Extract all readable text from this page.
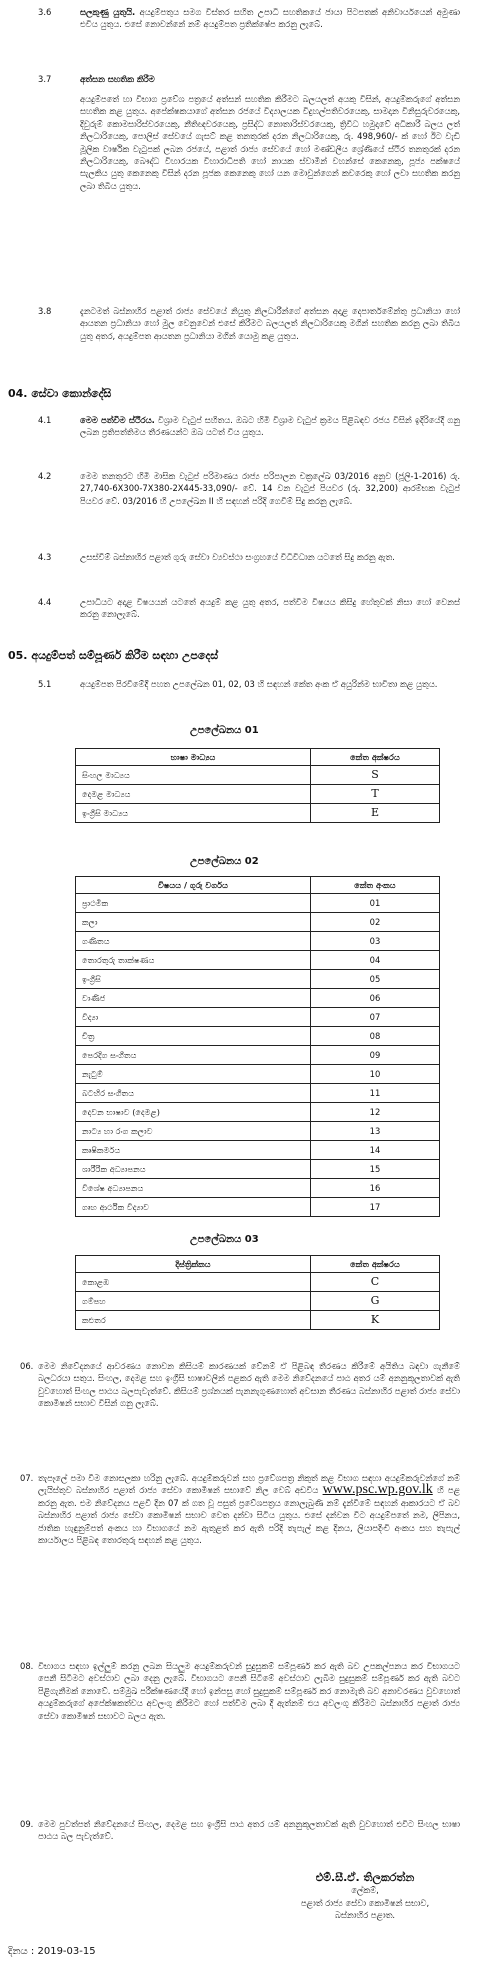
3.6	සලකුණු යුතුයි. අයදුම්පතුය සමග විස්තර සහිත උපාධි සහතිකයේ ජායා පිටපතක් අනිවාර්යයෙන් අමුණා එවිය යුතුය. එසේ නොවන්නේ නම් අයදුම්පත ප්‍රතික්ෂේප කරනු ලැබේ.
3.7	අත්සන සහතික කිරීම
අයදුම්පතේ හා විභාග ප්‍රවේශ පත්‍රයේ අත්සන් සහතික කිරීමට බලයලත් අයකු විසින්, අයදුම්කරුගේ අත්සන සහතික කළ යුතුය. අපේක්ෂකයාගේ අත්සන රජයේ විද්‍යාලයක විදුහල්පතිවරයෙකු, සාමදාන විනිසුරුවරයෙකු, දිවුරුම් කොමසාරිස්වරයෙකු, නීතිඥවරයෙකු, ප්‍රසිද්ධ නොතාරිස්වරයෙකු, ත්‍රිවිධ හමුදාවේ අධිකාරී බලය ලත් නිලධාරියෙකු, පොලිස් සේවයේ ගැසට් කළ තනතුරක් දරන නිලධාරියෙකු, රු. 498,960/- ක් හෝ ඊට වැඩි මූලික වාර්ෂික වැටුපක් ලබන රජයේ, පළාත් රාජ්‍ය සේවයේ හෝ මණ්ඩලීය ශ්‍රේණියේ ස්ථිර තනතුරක් දරන නිලධාරියෙකු, බෞද්ධ විහාරයක විහාරාධිපති හෝ නායක ස්වාමීන් වහන්සේ කෙනෙකු, පූජ්‍ය පක්ෂයේ සැලකිය යුතු කෙනෙකු විසින් දරන පූජක කෙනෙකු හෝ යන මොවුන්ගෙන් කවරෙකු හෝ ලවා සහතික කරනු ලබා තිබිය යුතුය.
3.8	දැනටමත් බස්නාහිර පළාත් රාජ්‍ය සේවයේ නියුතු නිලධාරීන්ගේ අත්සන අදාළ දෙපාර්තමේන්තු ප්‍රධානියා හෝ ආයතන ප්‍රධානියා හෝ මුල වෙනුවෙන් එසේ කිරීමට බලයලත් නිලධාරියෙකු මගින් සහතික කරනු ලබා තිබිය යුතු අතර, අයදුම්පත ආයතන ප්‍රධානියා මගින් යොමු කළ යුතුය.
04. සේවා කොන්දේසි
4.1	මෙම පත්වීම ස්ථිරය. විශ්‍රාම වැටුප් සහිතය. ඔබට හිමි විශ්‍රාම වැටුප් ක්‍රමය පිළිබඳව රජය විසින් ඉදිරියේදී ගනු ලබන ප්‍රතිපත්තිමය තීරණයන්ට ඔබ යටත් විය යුතුය.
4.2	මෙම තනතුරට හිමි මාසික වැටුප් පරිමාණය රාජ්‍ය පරිපාලන චක්‍රලේඛ 03/2016 අනුව (ජූලි-1-2016) රු. 27,740-6X300-7X380-2X445-33,090/- වේ. 14 වන වැටුප් පියවර (රු. 32,200) ආරම්භක වැටුප් පියවර වේ. 03/2016 හි උපලේඛන II හි සඳහන් පරිදි ගෙවීම් සිදු කරනු ලැබේ.
4.3	උසස්වීම් බස්නාහිර පළාත් ගුරු සේවා ව්‍යවස්ථා සංග්‍රහයේ විධිවිධාන යටතේ සිදු කරනු ඇත.
4.4	උපාධියට අදාළ විෂයයන් යටතේ අයදුම් කළ යුතු අතර, පත්වීම විෂයය කිසිදු හේතුවක් නිසා හෝ වෙනස් කරනු නොලැබේ.
05. අයදුම්පත් සම්පූර්ණ කිරීම සඳහා උපදෙස්
5.1	අයදුම්පත පිරවීමේදී පහත උපලේඛන 01, 02, 03 හි සඳහන් කේත අංක ඒ අයුරින්ම භාවිතා කළ යුතුය.
උපලේඛනය 01
භාෂා මාධ්‍යය	කේත අක්ෂරය
සිංහල මාධ්‍යය	S
දෙමළ මාධ්‍යය	T
ඉංග්‍රීසි මාධ්‍යය	E
උපලේඛනය 02
විෂයය / ගුරු වර්ගය	කේත අංකය
ප්‍රාථමික	01
කලා	02
ගණිතය	03
තොරතුරු තාක්ෂණය	04
ඉංග්‍රීසි	05
වාණිජ	06
විද්‍යා	07
චිත්‍ර	08
පෙරදිග සංගීතය	09
නැටුම්	10
බටහිර සංගීතය	11
දෙවන භාෂාව (දෙමළ)	12
නාට්‍ය හා රංග කලාව	13
කෘෂිකර්මය	14
ශාරීරික අධ්‍යාපනය	15
විශේෂ අධ්‍යාපනය	16
ගෘහ ආර්ථික විද්‍යාව	17
උපලේඛනය 03
දිස්ත්‍රික්කය	කේත අක්ෂරය
කොළඹ	C
ගම්පහ	G
කළුතර	K
06. මෙම නිවේදනයේ ආවරණය නොවන කිසියම් කාරණයක් වේනම් ඒ පිළිබඳ තීරණය කිරීමේ අයිතිය බඳවා ගැනීමේ බලධරයා සතුය. සිංහල, දෙමළ සහ ඉංග්‍රීසි භාෂාවලින් පළකර ඇති මෙම නිවේදනයේ පාඨ අතර යම් අනනුකූලතාවක් ඇති වුවහොත් සිංහල පාඨය බලපැවැත්වේ. කිසියම් ප්‍රශ්නයක් පැනනැගුණහොත් අවසාන තීරණය බස්නාහිර පළාත් රාජ්‍ය සේවා කොමිෂන් සභාව විසින් ගනු ලැබේ.
07. තැපෑලේ පමා වීම නොසලකා හරිනු ලැබේ. අයදුම්කරුවන් සහ ප්‍රවේශපත්‍ර නිකුත් කළ විභාග සඳහා අයදුම්කරුවන්ගේ නම් ලැයිස්තුව බස්නාහිර පළාත් රාජ්‍ය සේවා කොමිෂන් සභාවේ නිල වෙබ් අඩවිය www.psc.wp.gov.lk හි පළ කරනු ඇත. එම නිවේදනය පළවී දින 07 ක් ගත වූ පසුත් ප්‍රවේශපත්‍රය නොලැබුණි නම් දැන්වීමේ සඳහන් ආකාරයට ඒ බව බස්නාහිර පළාත් රාජ්‍ය සේවා කොමිෂන් සභාව වෙත දන්වා සිටිය යුතුය. එසේ දන්වන විට අයදුම්පතේ නම, ලිපිනය, ජාතික හැඳුනුම්පත් අංකය හා විභාගයේ නම ඇතුළත් කර ඇති පරිදි තැපැල් කළ දිනය, ලියාපදිංචි අංකය සහ තැපැල් කාර්යාලය පිළිබඳ තොරතුරු සඳහන් කළ යුතුය.
08. විභාගය සඳහා ඉල්ලුම් කරනු ලබන සියලුම අයදුම්කරුවන් සුදුසුකම් සම්පූර්ණ කර ඇති බව උපකල්පනය කර විභාගයට පෙනී සිටීමට අවස්ථාව ලබා දෙනු ලැබේ. විභාගයට පෙනී සිටීමේ අවස්ථාව ලැබීම සුදුසුකම් සම්පූර්ණ කර ඇති බවට පිළිගැනීමක් නොවේ. සම්මුඛ පරීක්ෂණයේදී හෝ ඉන්පසු හෝ සුදුසුකම් සම්පූර්ණ කර නොමැති බව අනාවරණය වුවහොත් අයදුම්කරුගේ අපේක්ෂකත්වය අවලංගු කිරීමට හෝ පත්වීම ලබා දී ඇත්නම් එය අවලංගු කිරීමට බස්නාහිර පළාත් රාජ්‍ය සේවා කොමිෂන් සභාවට බලය ඇත.
09. මෙම පුවත්පත් නිවේදනයේ සිංහල, දෙමළ සහ ඉංග්‍රීසි පාඨ අතර යම් අනනුකූලතාවක් ඇති වුවහොත් එවිට සිංහල භාෂා පාඨය බල පැවැත්වේ.
එම්.සී.ඒ. තිලකරත්න
ලේකම්,
පළාත් රාජ්‍ය සේවා කොමිෂන් සභාව,
බස්නාහිර පළාත.
දිනය : 2019-03-15
